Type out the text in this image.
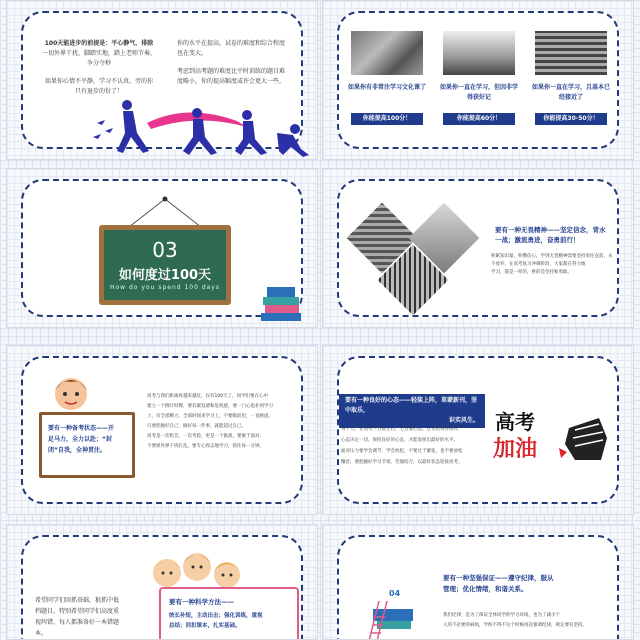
100天能进步的前提是：平心静气、排除
一切外界干扰，脚踏实地，踏上老师节奏，
争分夺秒
如果你心情不平静，学习不认真，旁的你
只有退步的份了！
你的水平在提高，试卷的难度和综合程度
也在变大。
考虑到高考题的难度比平时训练的题目难
度略小，你的提高幅度或许会更大一些。
如果你有非常注学习文化课了 如果你一直在学习，但因非学得获好记
如果你一直在学习，且基本已经接近了
你能提高100分！	你能提高60分！	你能提高30-50分！
03
如何度过100天
How do you spend 100 days
要有一种无畏精神——坚定信念，背水
一战；激流勇进，奋勇前行！
积累知识量，积攒信心，学到无畏精神需要坚持勇往直前，永不放弃。在高考复习冲刺阶段，大家都在努力地
学习，都是一样的，拼的是坚持和勇敢。
要有一种备考状态——开
足马力，全力以赴；“封
闭”自我，全神贯注。
高考与我们距离将越来越近，仅有100天了，同学们要在心中
建立一个倒计时牌，要有紧迫感和危机感，要一门心思扑到学习
上，有全部精力，全部时间来学习上，不要瞻前也，一直顾虑。
只要把握好自己，做好每一件事，就能超过自己。
高考是一次机会，一次考验，更是一个挑战，要敢于面对。
不要被外界干扰打乱，要专心致志地学习，抓住每一分钟。
要有一种良好的心态——轻装上阵，草蒙新刊，坚中取乐，
识实风生。
每个人，在高考三分数左右，七分靠心态。这句话说得很好，
心态决定一切。保持良好的心态，才能发挥出最好的水平。
面对压力要学会调节，学会放松，不要过于紧张，也不要放松
懈怠，要把握好学习节奏，劳逸结合，以最好状态迎接高考。
高考
加油
希望同学们回抓基础，狠抓中低
档题目，特别希望同学们高度重
视纠错，每人都准备好一本错题
本。
要有一种科学方法——
统长补短，主动出击；强化训练，重视
总结；回扣课本，扎实基础。
要有一种坚强保证——遵守纪律，服从
管理；优化情绪，和谐关系。
我们纪律，是为了保证全体同学的学习环境，也为了减少个
人的不必要的麻烦，学校不得不这个时候再次强调纪律，规定要有坚持。
04
